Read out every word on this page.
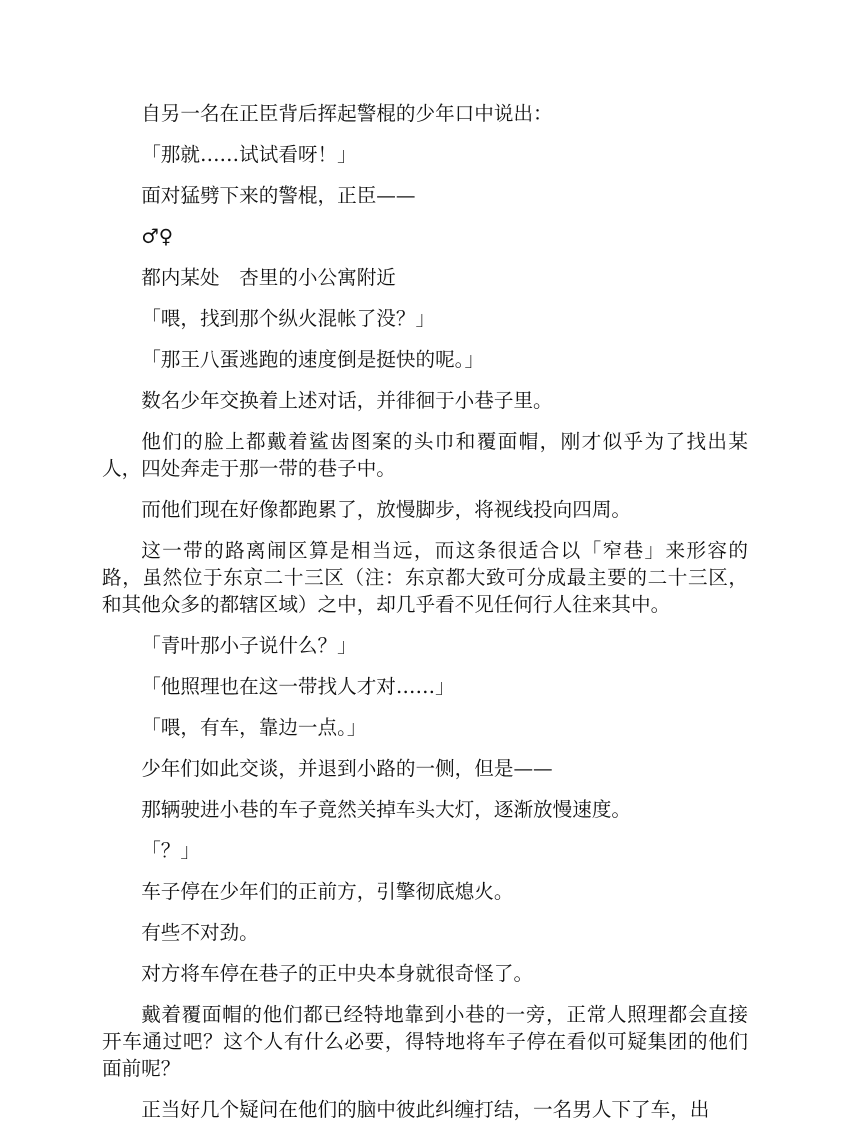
自另一名在正臣背后挥起警棍的少年口中说出：

「那就……试试看呀！」

面对猛劈下来的警棍，正臣——

♂♀

都内某处　杏里的小公寓附近

「喂，找到那个纵火混帐了没？」

「那王八蛋逃跑的速度倒是挺快的呢。」

数名少年交换着上述对话，并徘徊于小巷子里。

他们的脸上都戴着鲨齿图案的头巾和覆面帽，刚才似乎为了找出某人，四处奔走于那一带的巷子中。

而他们现在好像都跑累了，放慢脚步，将视线投向四周。

这一带的路离闹区算是相当远，而这条很适合以「窄巷」来形容的路，虽然位于东京二十三区（注：东京都大致可分成最主要的二十三区，和其他众多的都辖区域）之中，却几乎看不见任何行人往来其中。

「青叶那小子说什么？」

「他照理也在这一带找人才对……」

「喂，有车，靠边一点。」

少年们如此交谈，并退到小路的一侧，但是——

那辆驶进小巷的车子竟然关掉车头大灯，逐渐放慢速度。

「？」

车子停在少年们的正前方，引擎彻底熄火。

有些不对劲。

对方将车停在巷子的正中央本身就很奇怪了。

戴着覆面帽的他们都已经特地靠到小巷的一旁，正常人照理都会直接开车通过吧？这个人有什么必要，得特地将车子停在看似可疑集团的他们面前呢？

正当好几个疑问在他们的脑中彼此纠缠打结，一名男人下了车，出
